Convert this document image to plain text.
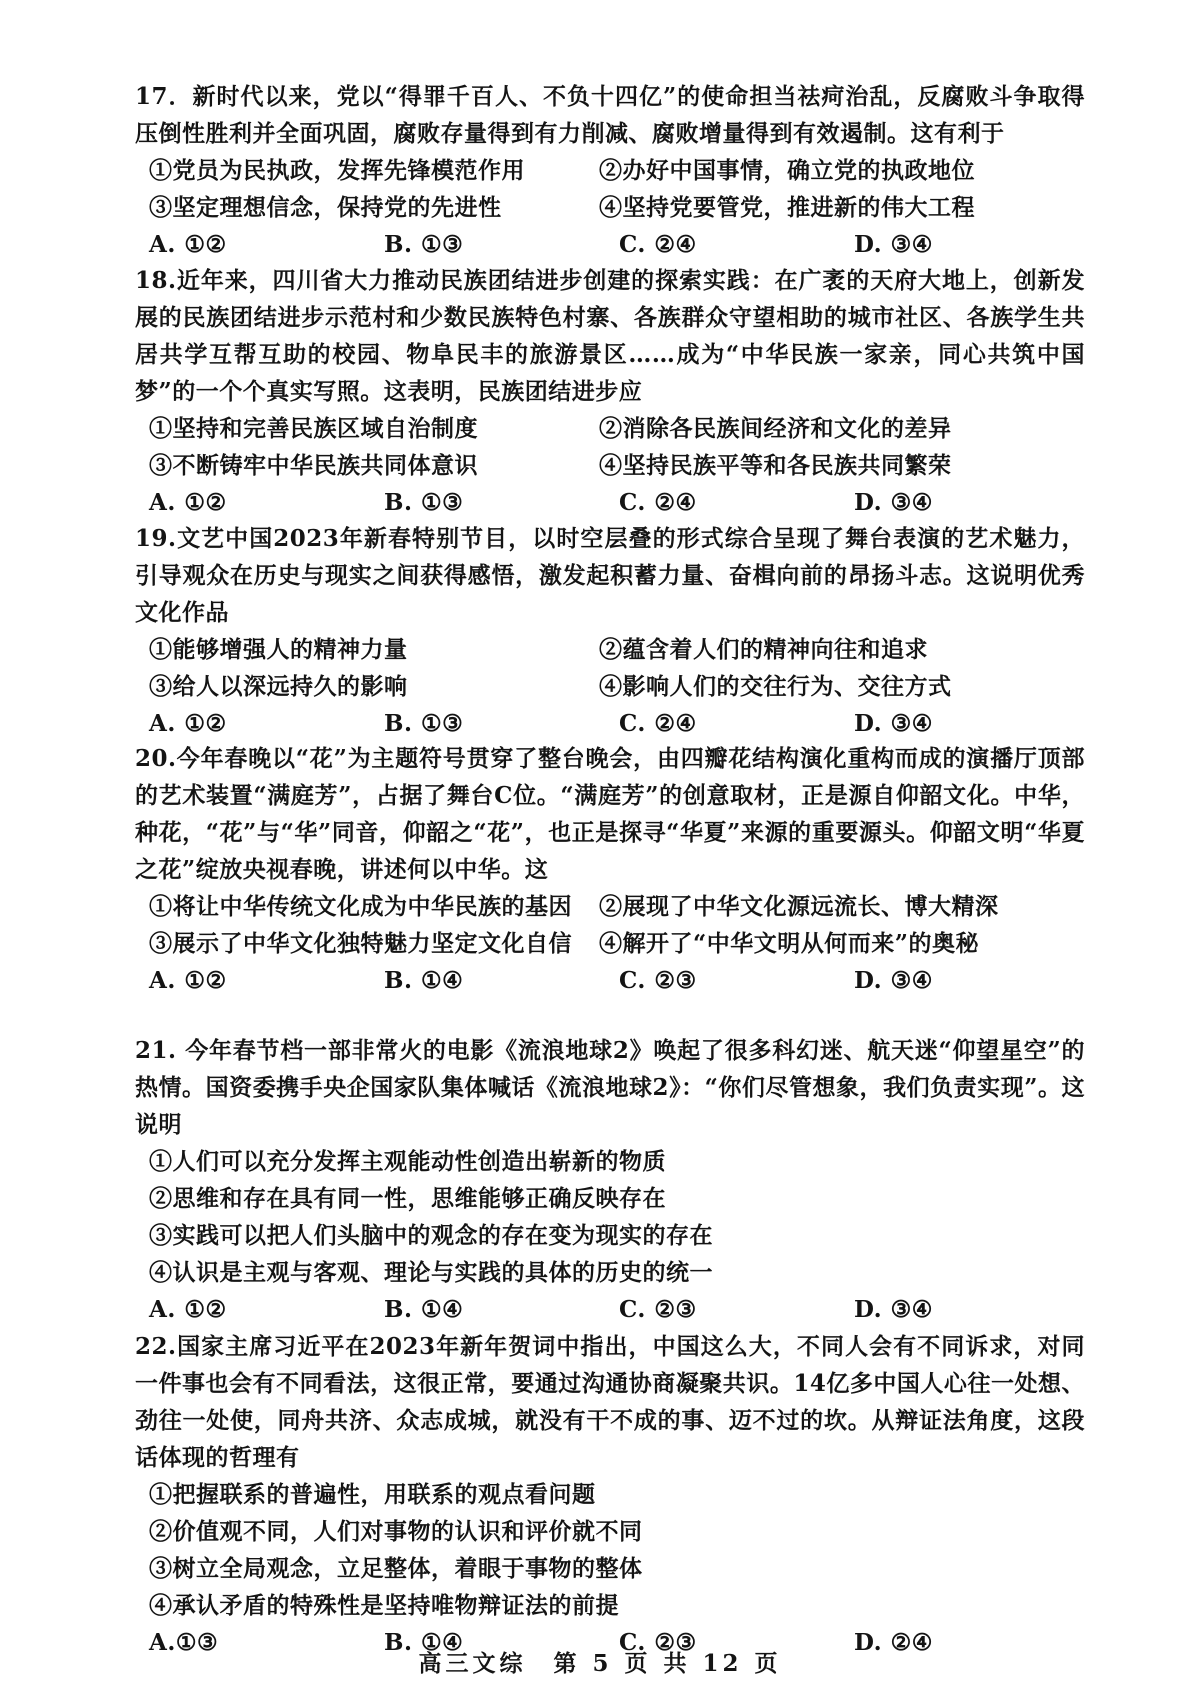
17．新时代以来，党以“得罪千百人、不负十四亿”的使命担当祛疴治乱，反腐败斗争取得压倒性胜利并全面巩固，腐败存量得到有力削减、腐败增量得到有效遏制。这有利于

①党员为民执政，发挥先锋模范作用	②办好中国事情，确立党的执政地位
③坚定理想信念，保持党的先进性	④坚持党要管党，推进新的伟大工程
A. ①②	B. ①③	C. ②④	D. ③④

18.近年来，四川省大力推动民族团结进步创建的探索实践：在广袤的天府大地上，创新发展的民族团结进步示范村和少数民族特色村寨、各族群众守望相助的城市社区、各族学生共居共学互帮互助的校园、物阜民丰的旅游景区……成为“中华民族一家亲，同心共筑中国梦”的一个个真实写照。这表明，民族团结进步应

①坚持和完善民族区域自治制度	②消除各民族间经济和文化的差异
③不断铸牢中华民族共同体意识	④坚持民族平等和各民族共同繁荣
A. ①②	B. ①③	C. ②④	D. ③④

19.文艺中国2023年新春特别节目，以时空层叠的形式综合呈现了舞台表演的艺术魅力，引导观众在历史与现实之间获得感悟，激发起积蓄力量、奋楫向前的昂扬斗志。这说明优秀文化作品

①能够增强人的精神力量	②蕴含着人们的精神向往和追求
③给人以深远持久的影响	④影响人们的交往行为、交往方式
A. ①②	B. ①③	C. ②④	D. ③④

20.今年春晚以“花”为主题符号贯穿了整台晚会，由四瓣花结构演化重构而成的演播厅顶部的艺术装置“满庭芳”，占据了舞台C位。“满庭芳”的创意取材，正是源自仰韶文化。中华，种花，“花”与“华”同音，仰韶之“花”，也正是探寻“华夏”来源的重要源头。仰韶文明“华夏之花”绽放央视春晚，讲述何以中华。这

①将让中华传统文化成为中华民族的基因	②展现了中华文化源远流长、博大精深
③展示了中华文化独特魅力坚定文化自信	④解开了“中华文明从何而来”的奥秘
A. ①②	B. ①④	C. ②③	D. ③④

21. 今年春节档一部非常火的电影《流浪地球2》唤起了很多科幻迷、航天迷“仰望星空”的热情。国资委携手央企国家队集体喊话《流浪地球2》：“你们尽管想象，我们负责实现”。这说明

①人们可以充分发挥主观能动性创造出崭新的物质
②思维和存在具有同一性，思维能够正确反映存在
③实践可以把人们头脑中的观念的存在变为现实的存在
④认识是主观与客观、理论与实践的具体的历史的统一
A. ①②	B. ①④	C. ②③	D. ③④

22.国家主席习近平在2023年新年贺词中指出，中国这么大，不同人会有不同诉求，对同一件事也会有不同看法，这很正常，要通过沟通协商凝聚共识。14亿多中国人心往一处想、劲往一处使，同舟共济、众志成城，就没有干不成的事、迈不过的坎。从辩证法角度，这段话体现的哲理有

①把握联系的普遍性，用联系的观点看问题
②价值观不同，人们对事物的认识和评价就不同
③树立全局观念，立足整体，着眼于事物的整体
④承认矛盾的特殊性是坚持唯物辩证法的前提
A.①③	B. ①④	C. ②③	D. ②④
高三文综　第 5 页 共 12 页
